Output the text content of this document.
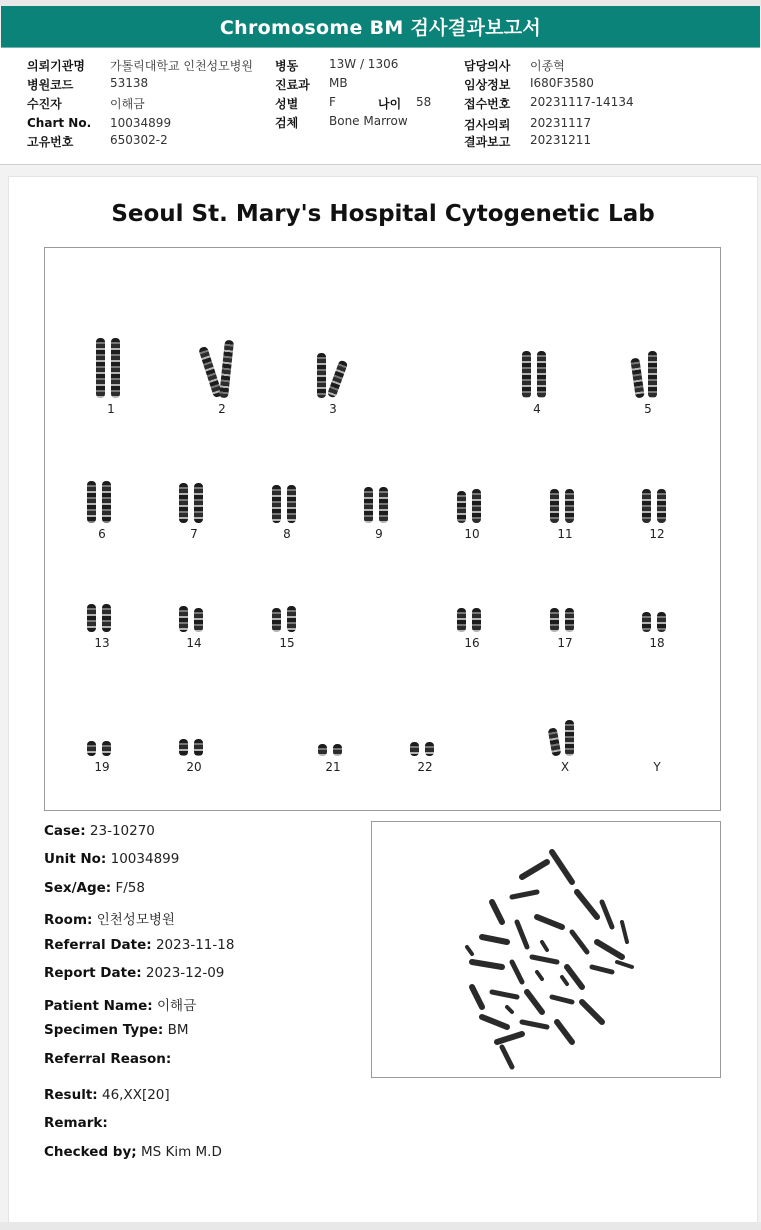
Chromosome BM 검사결과보고서
의뢰기관명 가톨릭대학교 인천성모병원
병원코드	53138
수진자	이해금
Chart No. 10034899
고유번호	650302-2
병동	13W / 1306
진료과 MB
성별	F	나이 58
검체	Bone Marrow
담당의사 이종혁
임상정보 I680F3580
접수번호 20231117-14134
검사의뢰 20231117
결과보고 20231211
Seoul St. Mary's Hospital Cytogenetic Lab
1	2	3	4	5
6	7	8	9	10	11	12
13	14	15	16	17	18
19	20	21	22	X	Y
Case: 23-10270
Unit No: 10034899
Sex/Age: F/58
Room: 인천성모병원
Referral Date: 2023-11-18
Report Date: 2023-12-09
Patient Name: 이해금
Specimen Type: BM
Referral Reason:
Result: 46,XX[20]
Remark:
Checked by; MS Kim M.D
